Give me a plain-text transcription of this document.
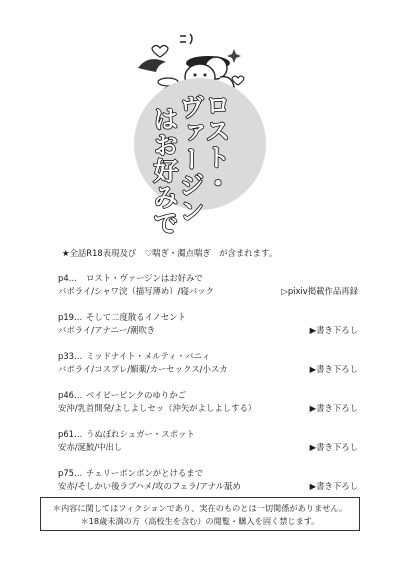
ロスト・
ヴァージン
はお好みで
★全話R18表現及び　♡喘ぎ・濁点喘ぎ　が含まれます。
p4… ロスト・ヴァージンはお好みで
バボライ/シャワ浣（描写薄め）/寝バック	▷pixiv掲載作品再録
p19… そして二度散るイノセント
バボライ/アナニー/潮吹き	▶書き下ろし
p33… ミッドナイト・メルティ・バニィ
バボライ/コスプレ/媚薬/カーセックス/小スカ	▶書き下ろし
p46… ベイビーピンクのゆりかご
安沖/乳首開発/よしよしセッ（沖矢がよしよしする）	▶書き下ろし
p61… うぬぼれシュガー・スポット
安赤/涎鮫/中出し	▶書き下ろし
p75… チェリーボンボンがとけるまで
安赤/そしかい後ラブハメ/攻のフェラ/アナル舐め	▶書き下ろし
＊内容に関してはフィクションであり、実在のものとは一切関係がありません。
＊18歳未満の方（高校生を含む）の閲覧・購入を固く禁じます。
